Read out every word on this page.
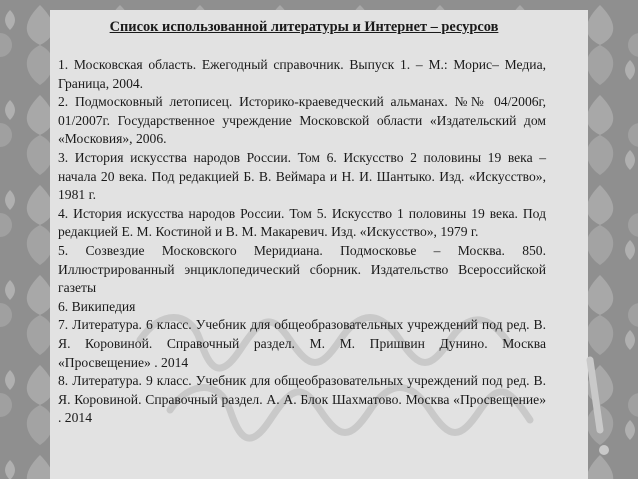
Список использованной литературы и Интернет – ресурсов
1. Московская область. Ежегодный справочник. Выпуск 1. – М.: Морис– Медиа, Граница, 2004.
2. Подмосковный летописец. Историко-краеведческий альманах. №№ 04/2006г, 01/2007г. Государственное учреждение Московской области «Издательский дом «Московия», 2006.
3. История искусства народов России. Том 6. Искусство 2 половины 19 века – начала 20 века. Под редакцией Б. В. Веймара и Н. И. Шантыко. Изд. «Искусство», 1981 г.
4. История искусства народов России. Том 5. Искусство 1 половины 19 века. Под редакцией Е. М. Костиной и В. М. Макаревич. Изд. «Искусство», 1979 г.
5. Созвездие Московского Меридиана. Подмосковье – Москва. 850. Иллюстрированный энциклопедический сборник. Издательство Всероссийской газеты
6. Википедия
7. Литература. 6 класс. Учебник для общеобразовательных учреждений под ред. В. Я. Коровиной. Справочный раздел. М. М. Пришвин Дунино. Москва «Просвещение» . 2014
8. Литература. 9 класс. Учебник для общеобразовательных учреждений под ред. В. Я. Коровиной. Справочный раздел. А. А. Блок Шахматово. Москва «Просвещение» . 2014
